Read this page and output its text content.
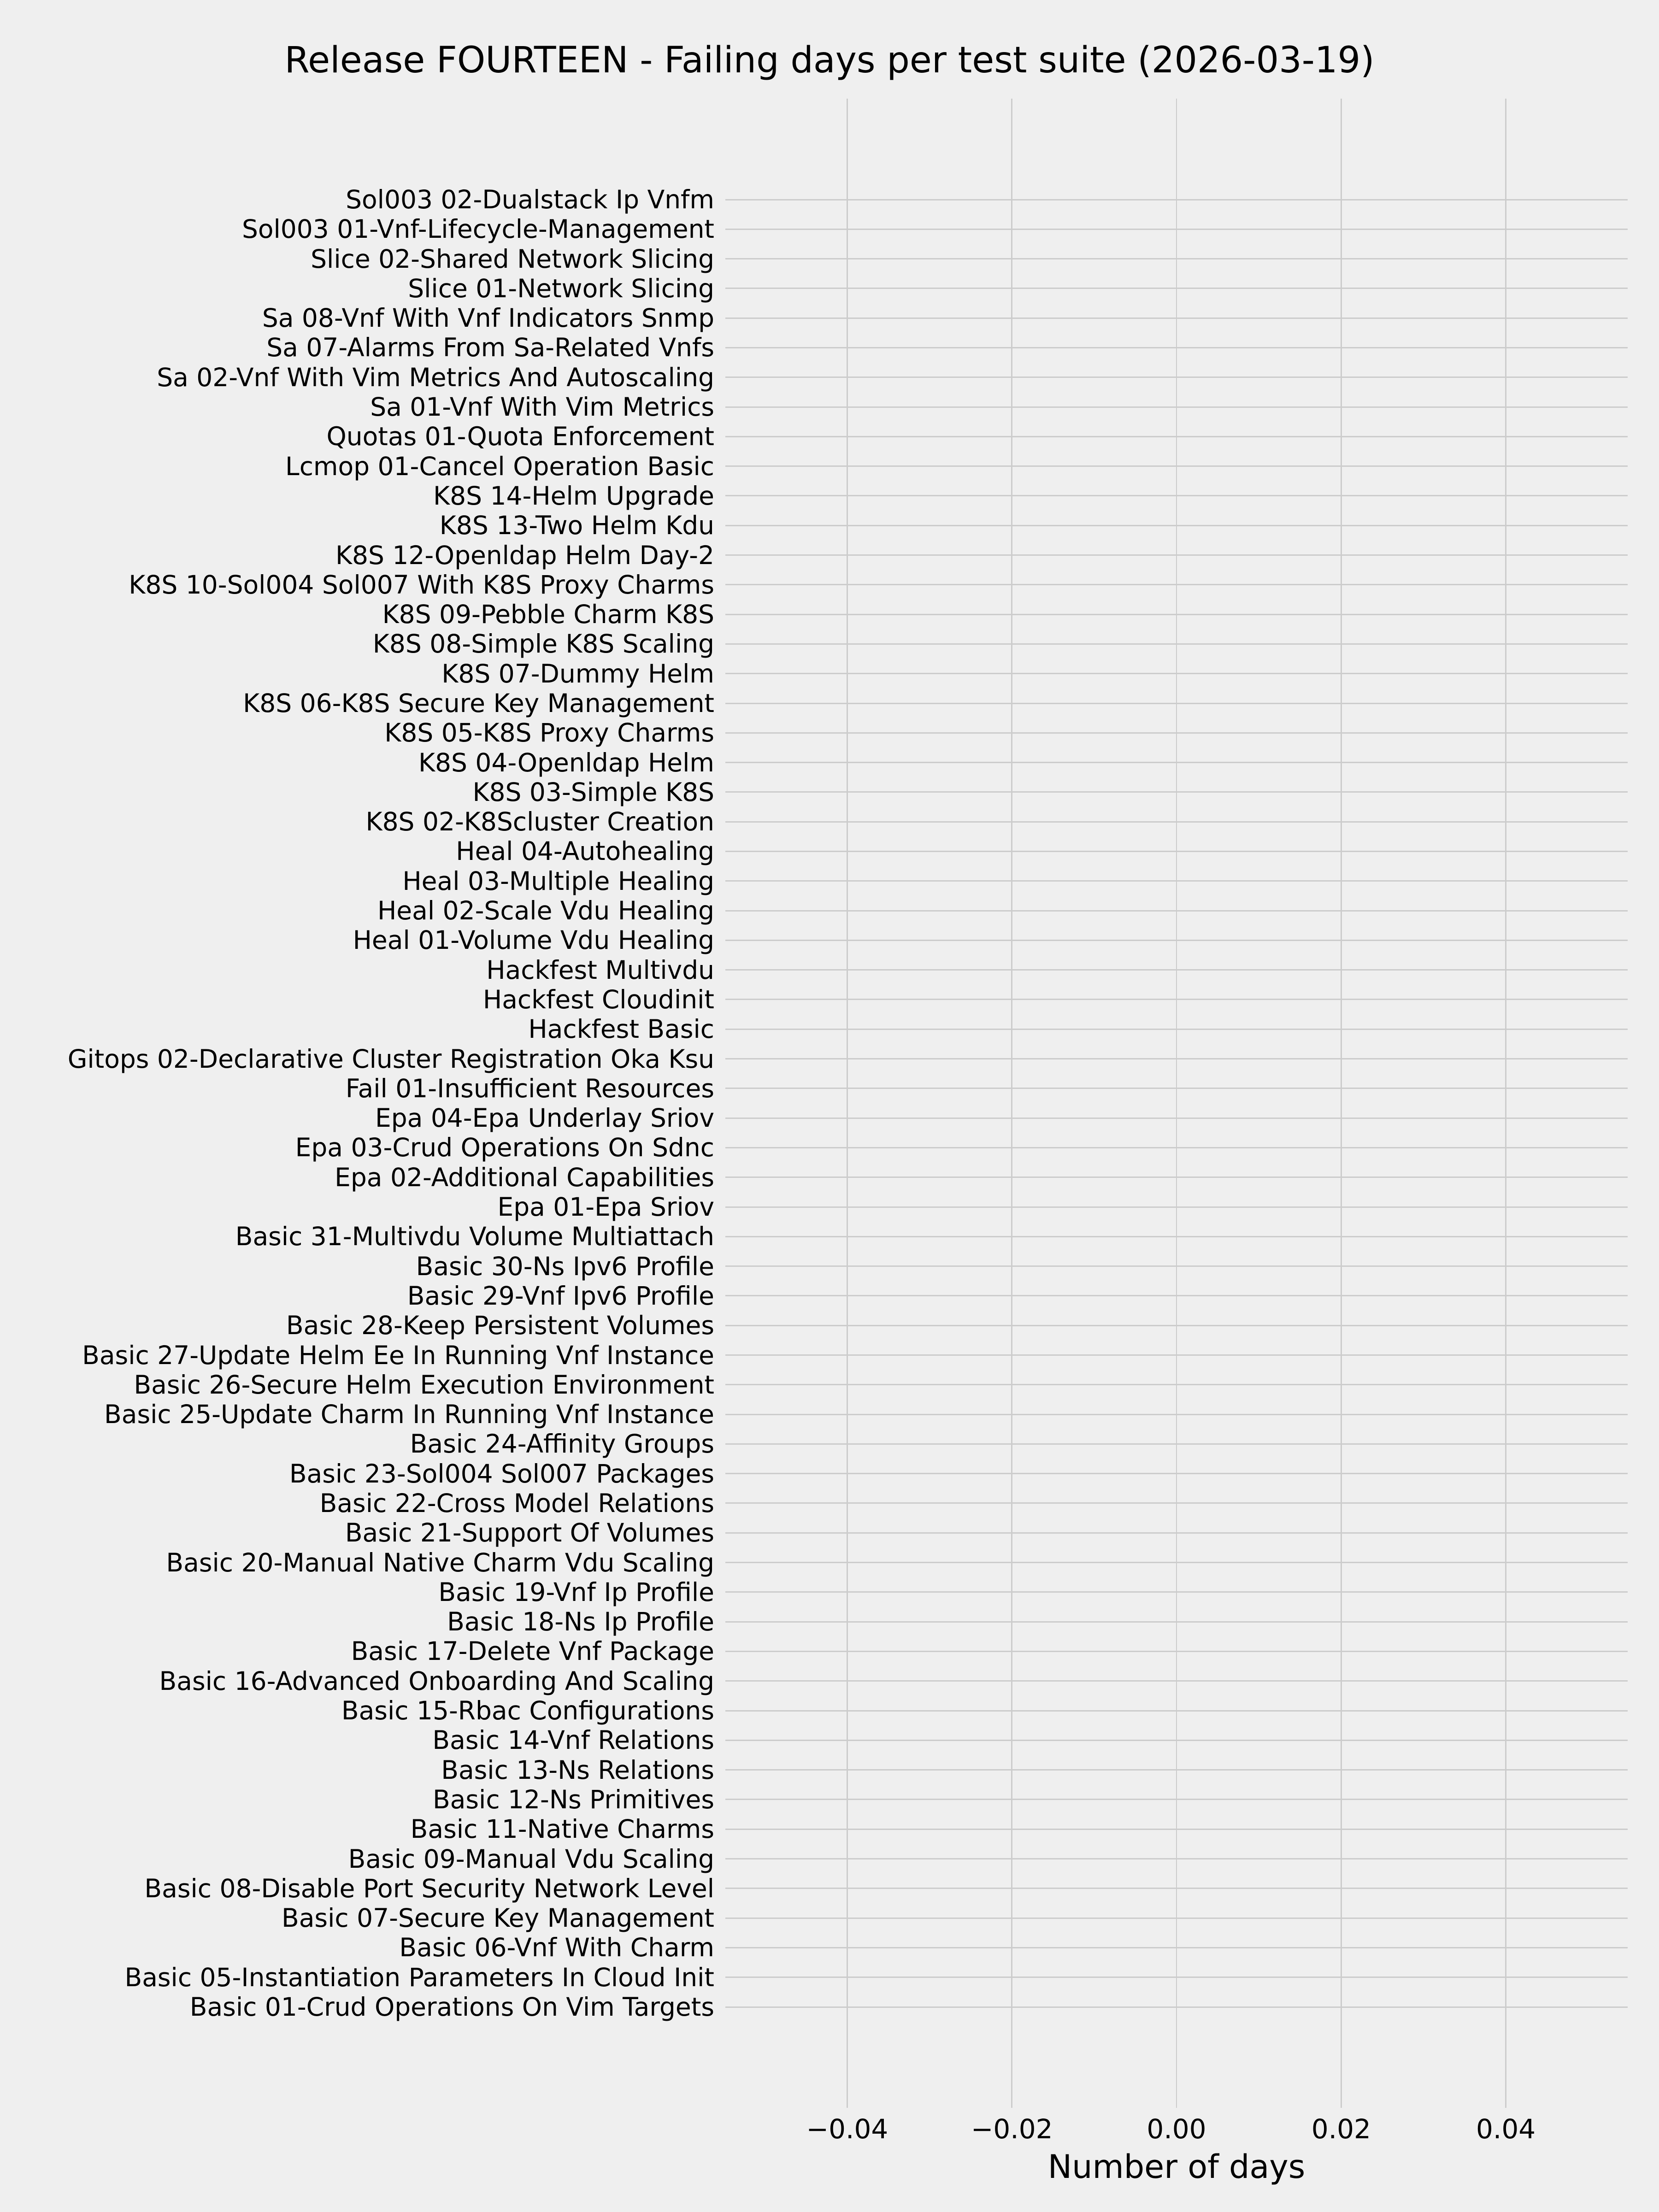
Release FOURTEEN - Failing days per test suite (2026-03-19)
Sol003 02-Dualstack Ip Vnfm
Sol003 01-Vnf-Lifecycle-Management
Slice 02-Shared Network Slicing
Slice 01-Network Slicing
Sa 08-Vnf With Vnf Indicators Snmp
Sa 07-Alarms From Sa-Related Vnfs
Sa 02-Vnf With Vim Metrics And Autoscaling
Sa 01-Vnf With Vim Metrics
Quotas 01-Quota Enforcement
Lcmop 01-Cancel Operation Basic
K8S 14-Helm Upgrade
K8S 13-Two Helm Kdu
K8S 12-Openldap Helm Day-2
K8S 10-Sol004 Sol007 With K8S Proxy Charms
K8S 09-Pebble Charm K8S
K8S 08-Simple K8S Scaling
K8S 07-Dummy Helm
K8S 06-K8S Secure Key Management
K8S 05-K8S Proxy Charms
K8S 04-Openldap Helm
K8S 03-Simple K8S
K8S 02-K8Scluster Creation
Heal 04-Autohealing
Heal 03-Multiple Healing
Heal 02-Scale Vdu Healing
Heal 01-Volume Vdu Healing
Hackfest Multivdu
Hackfest Cloudinit
Hackfest Basic
Gitops 02-Declarative Cluster Registration Oka Ksu
Fail 01-Insufficient Resources
Epa 04-Epa Underlay Sriov
Epa 03-Crud Operations On Sdnc
Epa 02-Additional Capabilities
Epa 01-Epa Sriov
Basic 31-Multivdu Volume Multiattach
Basic 30-Ns Ipv6 Profile
Basic 29-Vnf Ipv6 Profile
Basic 28-Keep Persistent Volumes
Basic 27-Update Helm Ee In Running Vnf Instance
Basic 26-Secure Helm Execution Environment
Basic 25-Update Charm In Running Vnf Instance
Basic 24-Affinity Groups
Basic 23-Sol004 Sol007 Packages
Basic 22-Cross Model Relations
Basic 21-Support Of Volumes
Basic 20-Manual Native Charm Vdu Scaling
Basic 19-Vnf Ip Profile
Basic 18-Ns Ip Profile
Basic 17-Delete Vnf Package
Basic 16-Advanced Onboarding And Scaling
Basic 15-Rbac Configurations
Basic 14-Vnf Relations
Basic 13-Ns Relations
Basic 12-Ns Primitives
Basic 11-Native Charms
Basic 09-Manual Vdu Scaling
Basic 08-Disable Port Security Network Level
Basic 07-Secure Key Management
Basic 06-Vnf With Charm
Basic 05-Instantiation Parameters In Cloud Init
Basic 01-Crud Operations On Vim Targets
−0.04	−0.02	0.00	0.02	0.04
Number of days
